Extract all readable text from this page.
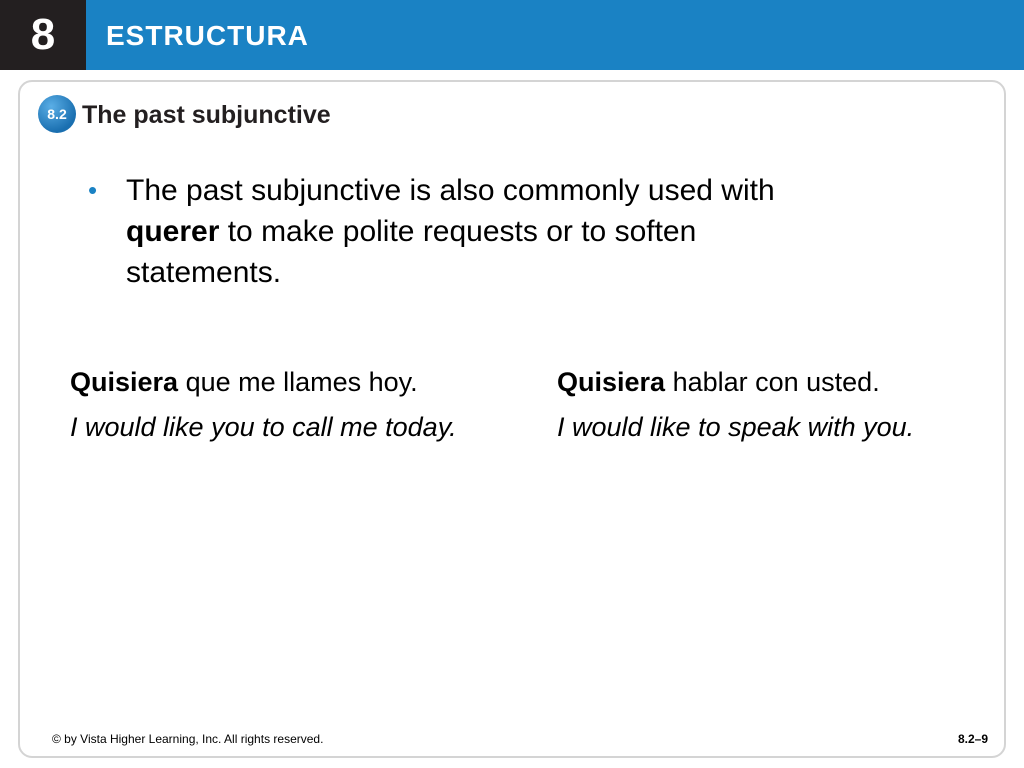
8	ESTRUCTURA
8.2 The past subjunctive
• The past subjunctive is also commonly used with querer to make polite requests or to soften statements.
Quisiera que me llames hoy.
I would like you to call me today.
Quisiera hablar con usted.
I would like to speak with you.
© by Vista Higher Learning, Inc. All rights reserved.	8.2–9
